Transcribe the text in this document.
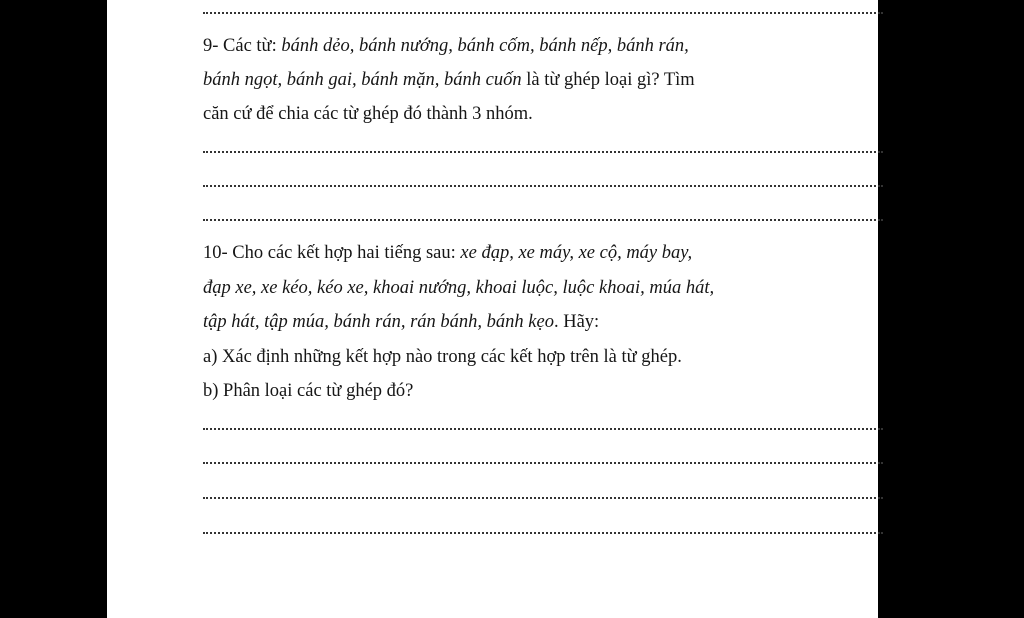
9- Các từ: bánh dẻo, bánh nướng, bánh cốm, bánh nếp, bánh rán,
bánh ngọt, bánh gai, bánh mặn, bánh cuốn là từ ghép loại gì? Tìm
căn cứ để chia các từ ghép đó thành 3 nhóm.
10- Cho các kết hợp hai tiếng sau: xe đạp, xe máy, xe cộ, máy bay,
đạp xe, xe kéo, kéo xe, khoai nướng, khoai luộc, luộc khoai, múa hát,
tập hát, tập múa, bánh rán, rán bánh, bánh kẹo. Hãy:
a) Xác định những kết hợp nào trong các kết hợp trên là từ ghép.
b) Phân loại các từ ghép đó?
